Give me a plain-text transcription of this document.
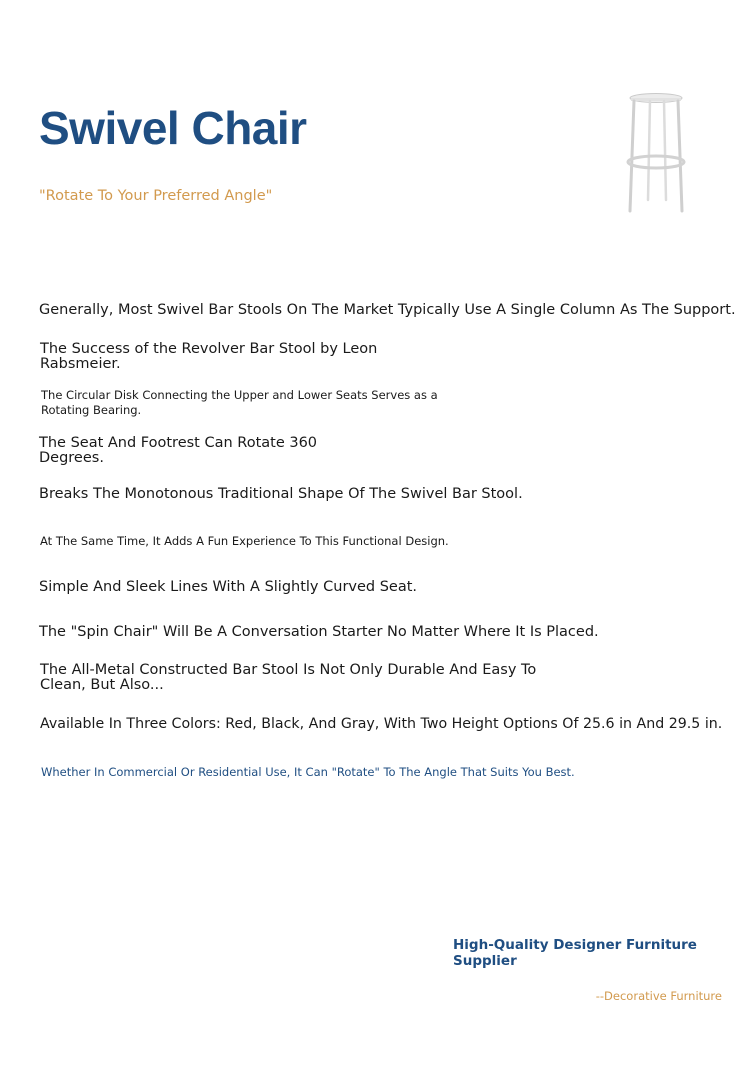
Swivel Chair
"Rotate To Your Preferred Angle"

Generally, Most Swivel Bar Stools On The Market Typically Use A Single Column As The Support.

The Success of the Revolver Bar Stool by Leon Rabsmeier.

The Circular Disk Connecting the Upper and Lower Seats Serves as a Rotating Bearing.

The Seat And Footrest Can Rotate 360 Degrees.

Breaks The Monotonous Traditional Shape Of The Swivel Bar Stool.

At The Same Time, It Adds A Fun Experience To This Functional Design.

Simple And Sleek Lines With A Slightly Curved Seat.

The "Spin Chair" Will Be A Conversation Starter No Matter Where It Is Placed.

The All-Metal Constructed Bar Stool Is Not Only Durable And Easy To Clean, But Also...

Available In Three Colors: Red, Black, And Gray, With Two Height Options Of 25.6 in And 29.5 in.

Whether In Commercial Or Residential Use, It Can "Rotate" To The Angle That Suits You Best.
High-Quality Designer Furniture Supplier
--Decorative Furniture
